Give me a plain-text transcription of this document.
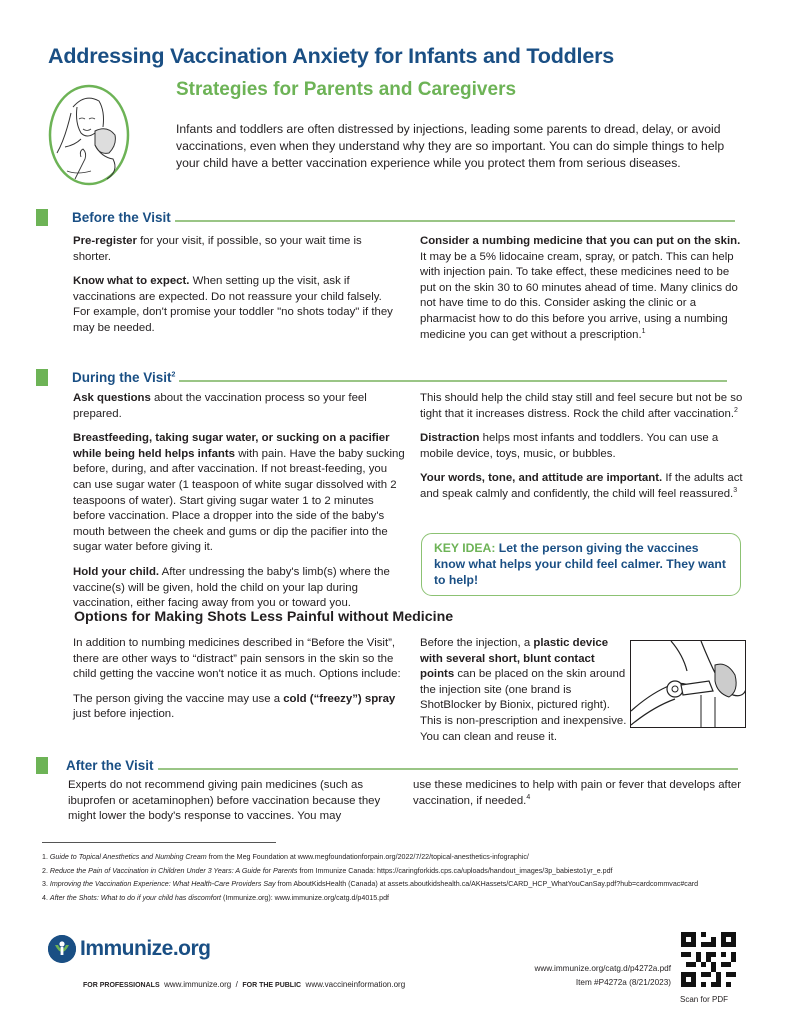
Addressing Vaccination Anxiety for Infants and Toddlers
Strategies for Parents and Caregivers
Infants and toddlers are often distressed by injections, leading some parents to dread, delay, or avoid vaccinations, even when they understand why they are so important. You can do simple things to help your child have a better vaccination experience while you protect them from serious diseases.
Before the Visit

Pre-register for your visit, if possible, so your wait time is shorter.

Know what to expect. When setting up the visit, ask if vaccinations are expected. Do not reassure your child falsely. For example, don't promise your toddler "no shots today" if they may be needed.

Consider a numbing medicine that you can put on the skin. It may be a 5% lidocaine cream, spray, or patch. This can help with injection pain. To take effect, these medicines need to be put on the skin 30 to 60 minutes ahead of time. Many clinics do not have time to do this. Consider asking the clinic or a pharmacist how to do this before you arrive, using a numbing medicine you can get without a prescription.$^1$

During the Visit$^2$

Ask questions about the vaccination process so your feel prepared.

Breastfeeding, taking sugar water, or sucking on a pacifier while being held helps infants with pain. Have the baby sucking before, during, and after vaccination. If not breast-feeding, you can use sugar water (1 teaspoon of white sugar dissolved with 2 teaspoons of water). Start giving sugar water 1 to 2 minutes before vaccination. Place a dropper into the side of the baby's mouth between the cheek and gums or dip the pacifier into the sugar water before giving it.

Hold your child. After undressing the baby's limb(s) where the vaccine(s) will be given, hold the child on your lap during vaccination, either facing away from you or toward you.

This should help the child stay still and feel secure but not be so tight that it increases distress. Rock the child after vaccination.$^2$

Distraction helps most infants and toddlers. You can use a mobile device, toys, music, or bubbles.

Your words, tone, and attitude are important. If the adults act and speak calmly and confidently, the child will feel reassured.$^3$

KEY IDEA: Let the person giving the vaccines know what helps your child feel calmer. They want to help!
Options for Making Shots Less Painful without Medicine

In addition to numbing medicines described in “Before the Visit”, there are other ways to “distract” pain sensors in the skin so the child getting the vaccine won't notice it as much. Options include:

The person giving the vaccine may use a cold (“freezy”) spray just before injection.

Before the injection, a plastic device with several short, blunt contact points can be placed on the skin around the injection site (one brand is ShotBlocker by Bionix, pictured right). This is non-prescription and inexpensive. You can clean and reuse it.

After the Visit
Experts do not recommend giving pain medicines (such as ibuprofen or acetaminophen) before vaccination because they might lower the body's response to vaccines. You may
use these medicines to help with pain or fever that develops after vaccination, if needed.$^4$
1. Guide to Topical Anesthetics and Numbing Cream from the Meg Foundation at www.megfoundationforpain.org/2022/7/22/topical-anesthetics-infographic/
2. Reduce the Pain of Vaccination in Children Under 3 Years: A Guide for Parents from Immunize Canada: https://caringforkids.cps.ca/uploads/handout_images/3p_babiesto1yr_e.pdf
3. Improving the Vaccination Experience: What Health-Care Providers Say from AboutKidsHealth (Canada) at assets.aboutkidshealth.ca/AKHassets/CARD_HCP_WhatYouCanSay.pdf?hub=cardcommvac#card
4. After the Shots: What to do if your child has discomfort (Immunize.org): www.immunize.org/catg.d/p4015.pdf
Immunize.org
FOR PROFESSIONALS www.immunize.org / FOR THE PUBLIC www.vaccineinformation.org
www.immunize.org/catg.d/p4272a.pdf
Item #P4272a (8/21/2023)
Scan for PDF
